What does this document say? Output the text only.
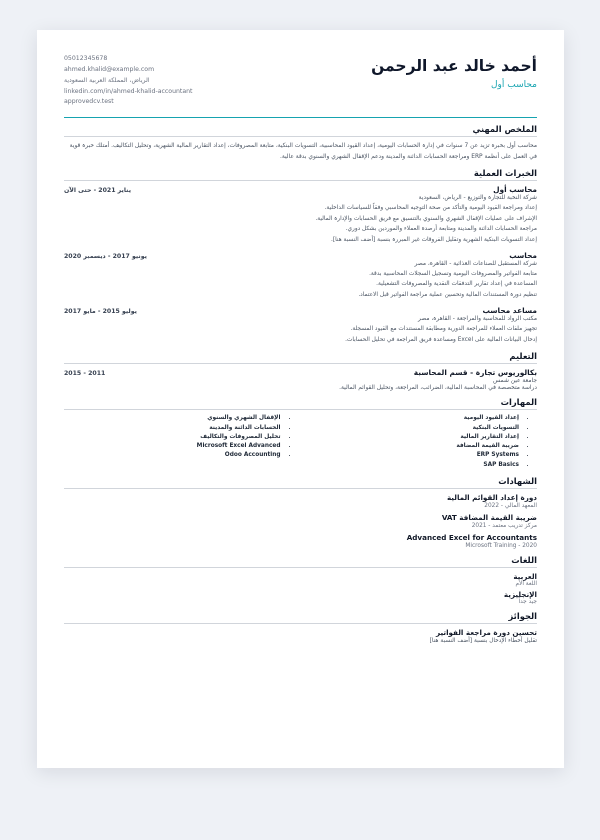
أحمد خالد عبد الرحمن
محاسب أول
05012345678
ahmed.khalid@example.com
الرياض، المملكة العربية السعودية
linkedin.com/in/ahmed-khalid-accountant
approvedcv.test
الملخص المهني

محاسب أول بخبرة تزيد عن 7 سنوات في إدارة الحسابات اليومية، إعداد القيود المحاسبية، التسويات البنكية، متابعة المصروفات، إعداد التقارير المالية الشهرية، وتحليل التكاليف. أمتلك خبرة قوية في العمل على أنظمة ERP ومراجعة الحسابات الدائنة والمدينة ودعم الإقفال الشهري والسنوي بدقة عالية.

الخبرات العملية
محاسب أول
يناير 2021 - حتى الآن
شركة النخبة للتجارة والتوزيع - الرياض، السعودية
إعداد ومراجعة القيود اليومية والتأكد من صحة التوجيه المحاسبي وفقاً للسياسات الداخلية.
الإشراف على عمليات الإقفال الشهري والسنوي بالتنسيق مع فريق الحسابات والإدارة المالية.
مراجعة الحسابات الدائنة والمدينة ومتابعة أرصدة العملاء والموردين بشكل دوري.
إعداد التسويات البنكية الشهرية وتقليل الفروقات غير المبررة بنسبة [أضف النسبة هنا].
محاسب
يونيو 2017 - ديسمبر 2020
شركة المستقبل للصناعات الغذائية - القاهرة، مصر
متابعة الفواتير والمصروفات اليومية وتسجيل السجلات المحاسبية بدقة.
المساعدة في إعداد تقارير التدفقات النقدية والمصروفات التشغيلية.
تنظيم دورة المستندات المالية وتحسين عملية مراجعة الفواتير قبل الاعتماد.
مساعد محاسب
يوليو 2015 - مايو 2017
مكتب الرواد للمحاسبة والمراجعة - القاهرة، مصر
تجهيز ملفات العملاء للمراجعة الدورية ومطابقة المستندات مع القيود المسجلة.
إدخال البيانات المالية على Excel ومساعدة فريق المراجعة في تحليل الحسابات.
التعليم
بكالوريوس تجارة - قسم المحاسبة
2011 - 2015
جامعة عين شمس
دراسة متخصصة في المحاسبة المالية، الضرائب، المراجعة، وتحليل القوائم المالية.
المهارات
• إعداد القيود اليومية
• التسويات البنكية
• إعداد التقارير المالية
• ضريبة القيمة المضافة
• ERP Systems
• SAP Basics
• الإقفال الشهري والسنوي
• الحسابات الدائنة والمدينة
• تحليل المصروفات والتكاليف
• Microsoft Excel Advanced
• Odoo Accounting
الشهادات
دورة إعداد القوائم المالية
المعهد المالي - 2022
ضريبة القيمة المضافة VAT
مركز تدريب معتمد - 2021
Advanced Excel for Accountants
Microsoft Training - 2020
اللغات
العربية
اللغة الأم
الإنجليزية
جيد جداً
الجوائز
تحسين دورة مراجعة الفواتير
تقليل أخطاء الإدخال بنسبة [أضف النسبة هنا]
